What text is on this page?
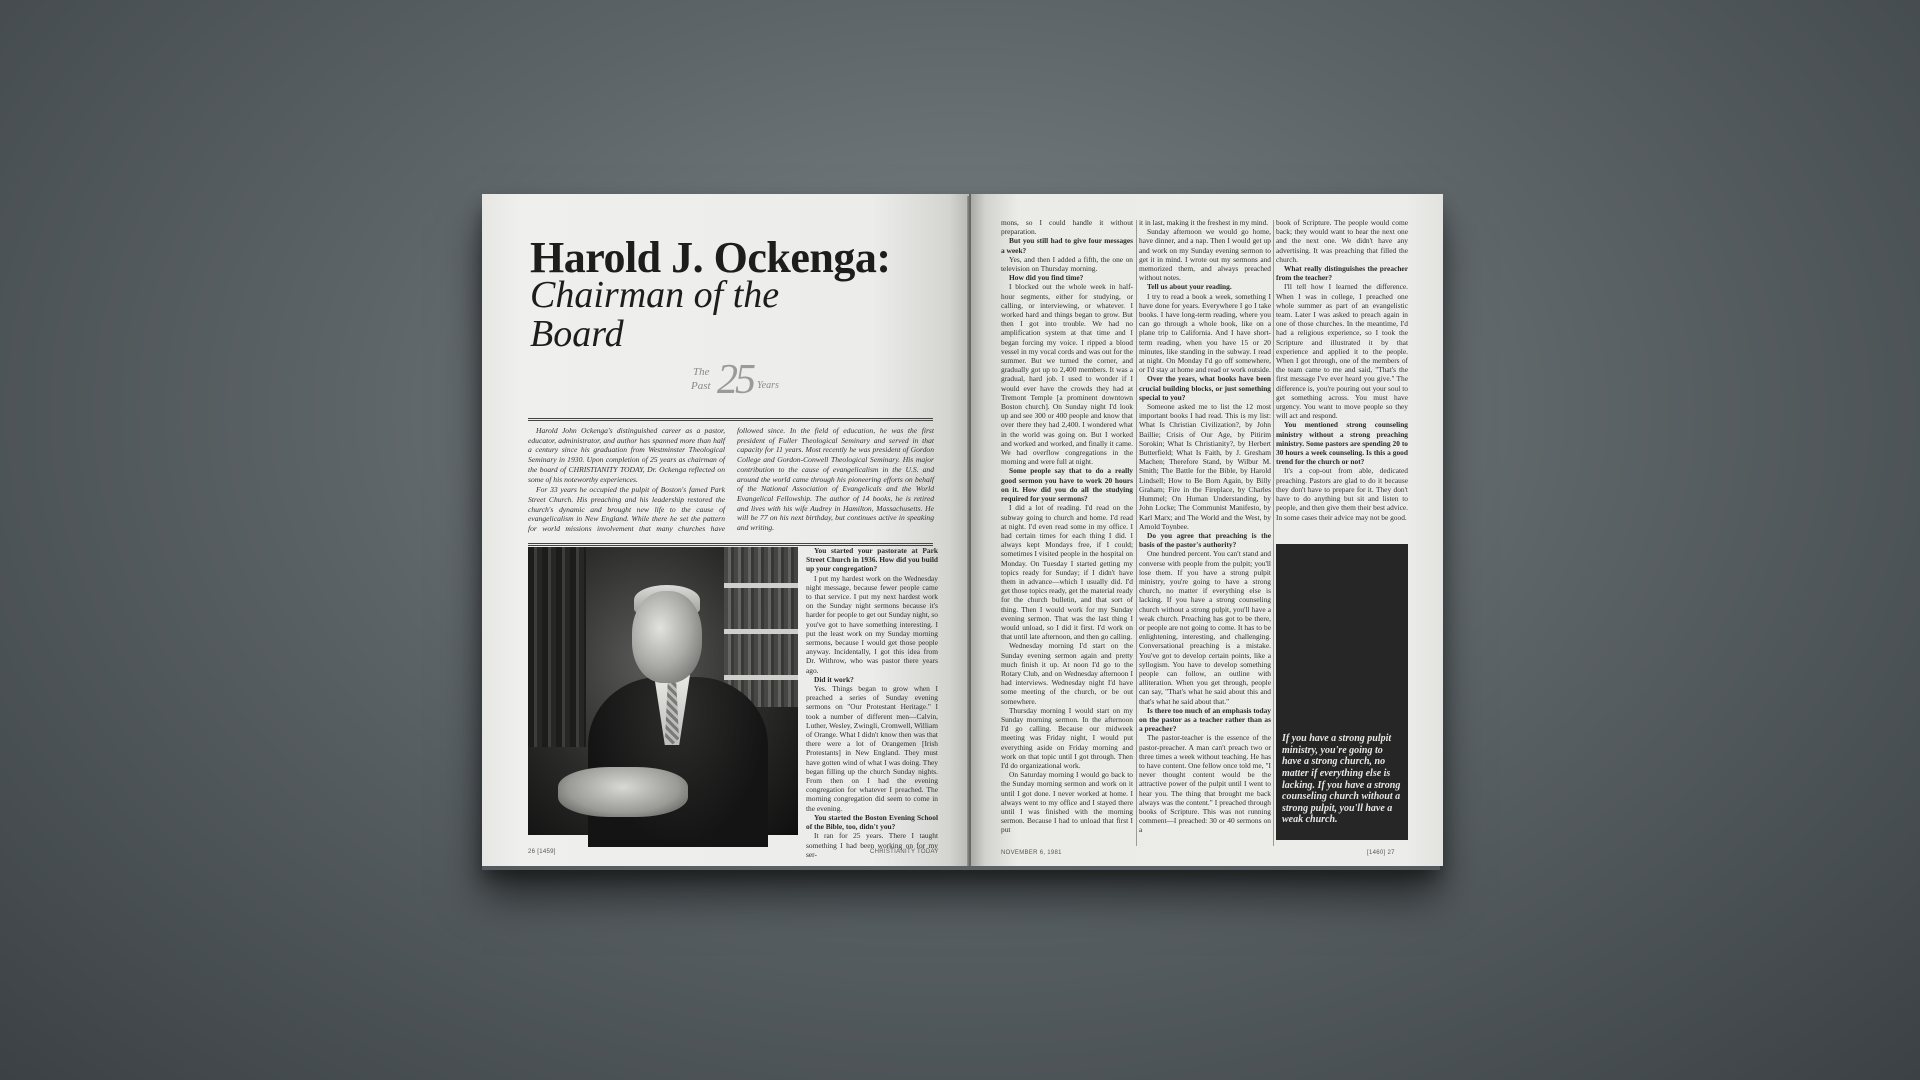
Harold J. Ockenga:
Chairman of the
Board
The
Past 25 Years

Harold John Ockenga's distinguished career as a pastor, educator, administrator, and author has spanned more than half a century since his graduation from Westminster Theological Seminary in 1930. Upon completion of 25 years as chairman of the board of CHRISTIANITY TODAY, Dr. Ockenga reflected on some of his noteworthy experiences.

For 33 years he occupied the pulpit of Boston's famed Park Street Church. His preaching and his leadership restored the church's dynamic and brought new life to the cause of evangelicalism in New England. While there he set the pattern for world missions involvement that many churches have followed since. In the field of education, he was the first president of Fuller Theological Seminary and served in that capacity for 11 years. Most recently he was president of Gordon College and Gordon-Conwell Theological Seminary. His major contribution to the cause of evangelicalism in the U.S. and around the world came through his pioneering efforts on behalf of the National Association of Evangelicals and the World Evangelical Fellowship. The author of 14 books, he is retired and lives with his wife Audrey in Hamilton, Massachusetts. He will be 77 on his next birthday, but continues active in speaking and writing.

You started your pastorate at Park Street Church in 1936. How did you build up your congregation?

I put my hardest work on the Wednesday night message, because fewer people came to that service. I put my next hardest work on the Sunday night sermons because it's harder for people to get out Sunday night, so you've got to have something interesting. I put the least work on my Sunday morning sermons, because I would get those people anyway. Incidentally, I got this idea from Dr. Withrow, who was pastor there years ago.

Did it work?

Yes. Things began to grow when I preached a series of Sunday evening sermons on "Our Protestant Heritage." I took a number of different men—Calvin, Luther, Wesley, Zwingli, Cromwell, William of Orange. What I didn't know then was that there were a lot of Orangemen [Irish Protestants] in New England. They must have gotten wind of what I was doing. They began filling up the church Sunday nights. From then on I had the evening congregation for whatever I preached. The morning congregation did seem to come in the evening.

You started the Boston Evening School of the Bible, too, didn't you?

It ran for 25 years. There I taught something I had been working on for my ser-

26 [1459]	CHRISTIANITY TODAY

mons, so I could handle it without preparation.

But you still had to give four messages a week?

Yes, and then I added a fifth, the one on television on Thursday morning.

How did you find time?

I blocked out the whole week in half-hour segments, either for studying, or calling, or interviewing, or whatever. I worked hard and things began to grow. But then I got into trouble. We had no amplification system at that time and I began forcing my voice. I ripped a blood vessel in my vocal cords and was out for the summer. But we turned the corner, and gradually got up to 2,400 members. It was a gradual, hard job. I used to wonder if I would ever have the crowds they had at Tremont Temple [a prominent downtown Boston church]. On Sunday night I'd look up and see 300 or 400 people and know that over there they had 2,400. I wondered what in the world was going on. But I worked and worked and worked, and finally it came. We had overflow congregations in the morning and were full at night.

Some people say that to do a really good sermon you have to work 20 hours on it. How did you do all the studying required for your sermons?

I did a lot of reading. I'd read on the subway going to church and home. I'd read at night. I'd even read some in my office. I had certain times for each thing I did. I always kept Mondays free, if I could; sometimes I visited people in the hospital on Monday. On Tuesday I started getting my topics ready for Sunday; if I didn't have them in advance—which I usually did. I'd get those topics ready, get the material ready for the church bulletin, and that sort of thing. Then I would work for my Sunday evening sermon. That was the last thing I would unload, so I did it first. I'd work on that until late afternoon, and then go calling.

Wednesday morning I'd start on the Sunday evening sermon again and pretty much finish it up. At noon I'd go to the Rotary Club, and on Wednesday afternoon I had interviews. Wednesday night I'd have some meeting of the church, or be out somewhere.

Thursday morning I would start on my Sunday morning sermon. In the afternoon I'd go calling. Because our midweek meeting was Friday night, I would put everything aside on Friday morning and work on that topic until I got through. Then I'd do organizational work.

On Saturday morning I would go back to the Sunday morning sermon and work on it until I got done. I never worked at home. I always went to my office and I stayed there until I was finished with the morning sermon. Because I had to unload that first I put

it in last, making it the freshest in my mind.

Sunday afternoon we would go home, have dinner, and a nap. Then I would get up and work on my Sunday evening sermon to get it in mind. I wrote out my sermons and memorized them, and always preached without notes.

Tell us about your reading.

I try to read a book a week, something I have done for years. Everywhere I go I take books. I have long-term reading, where you can go through a whole book, like on a plane trip to California. And I have short-term reading, when you have 15 or 20 minutes, like standing in the subway. I read at night. On Monday I'd go off somewhere, or I'd stay at home and read or work outside.

Over the years, what books have been crucial building blocks, or just something special to you?

Someone asked me to list the 12 most important books I had read. This is my list: What Is Christian Civilization?, by John Baillie; Crisis of Our Age, by Pitirim Sorokin; What Is Christianity?, by Herbert Butterfield; What Is Faith, by J. Gresham Machen; Therefore Stand, by Wilbur M. Smith; The Battle for the Bible, by Harold Lindsell; How to Be Born Again, by Billy Graham; Fire in the Fireplace, by Charles Hummel; On Human Understanding, by John Locke; The Communist Manifesto, by Karl Marx; and The World and the West, by Arnold Toynbee.

Do you agree that preaching is the basis of the pastor's authority?

One hundred percent. You can't stand and converse with people from the pulpit; you'll lose them. If you have a strong pulpit ministry, you're going to have a strong church, no matter if everything else is lacking. If you have a strong counseling church without a strong pulpit, you'll have a weak church. Preaching has got to be there, or people are not going to come. It has to be enlightening, interesting, and challenging. Conversational preaching is a mistake. You've got to develop certain points, like a syllogism. You have to develop something people can follow, an outline with alliteration. When you get through, people can say, "That's what he said about this and that's what he said about that."

Is there too much of an emphasis today on the pastor as a teacher rather than as a preacher?

The pastor-teacher is the essence of the pastor-preacher. A man can't preach two or three times a week without teaching. He has to have content. One fellow once told me, "I never thought content would be the attractive power of the pulpit until I went to hear you. The thing that brought me back always was the content." I preached through books of Scripture. This was not running comment—I preached: 30 or 40 sermons on a

book of Scripture. The people would come back; they would want to hear the next one and the next one. We didn't have any advertising. It was preaching that filled the church.

What really distinguishes the preacher from the teacher?

I'll tell how I learned the difference. When I was in college, I preached one whole summer as part of an evangelistic team. Later I was asked to preach again in one of those churches. In the meantime, I'd had a religious experience, so I took the Scripture and illustrated it by that experience and applied it to the people. When I got through, one of the members of the team came to me and said, "That's the first message I've ever heard you give." The difference is, you're pouring out your soul to get something across. You must have urgency. You want to move people so they will act and respond.

You mentioned strong counseling ministry without a strong preaching ministry. Some pastors are spending 20 to 30 hours a week counseling. Is this a good trend for the church or not?

It's a cop-out from able, dedicated preaching. Pastors are glad to do it because they don't have to prepare for it. They don't have to do anything but sit and listen to people, and then give them their best advice. In some cases their advice may not be good.

If you have a strong pulpit ministry, you're going to have a strong church, no matter if everything else is lacking. If you have a strong counseling church without a strong pulpit, you'll have a weak church.
NOVEMBER 6, 1981	[1460] 27
